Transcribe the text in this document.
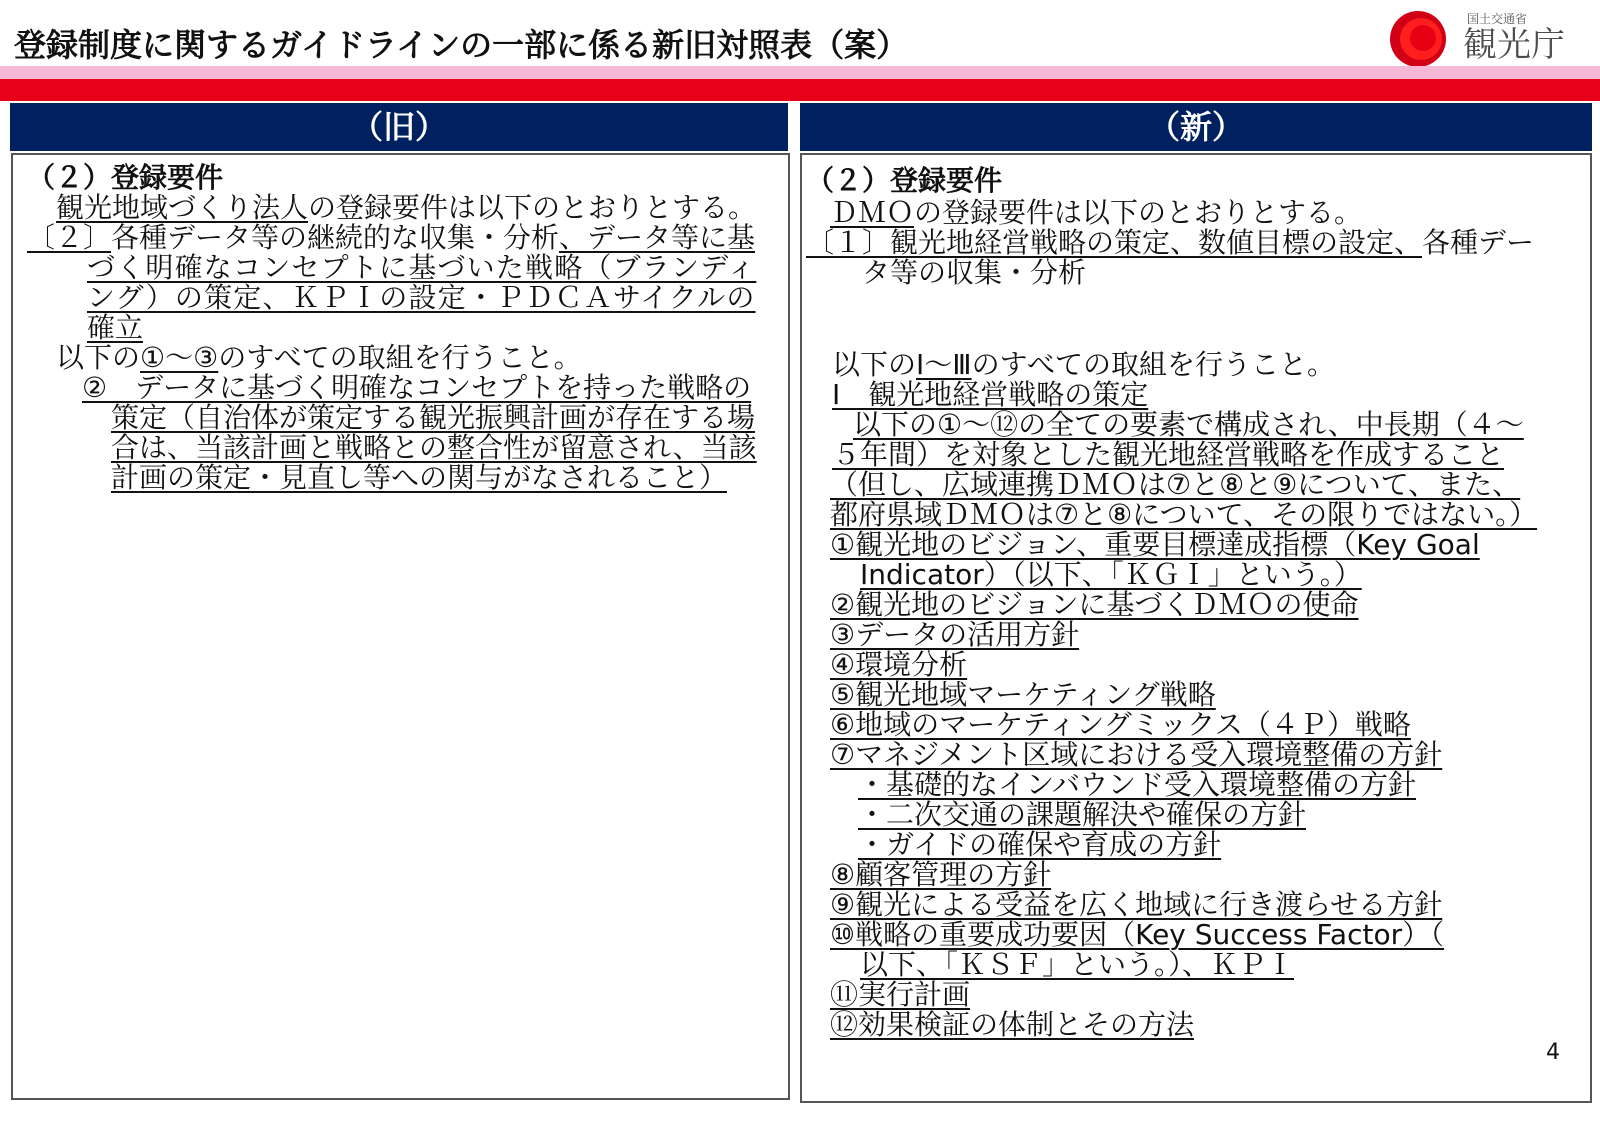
登録制度に関するガイドラインの一部に係る新旧対照表（案）
国土交通省
観光庁
（旧）	（新）
（２）登録要件
観光地域づくり法人の登録要件は以下のとおりとする。
〔２〕各種データ等の継続的な収集・分析、データ等に基
づく明確なコンセプトに基づいた戦略（ブランディ
ング）の策定、ＫＰＩの設定・ＰＤＣＡサイクルの
確立
以下の①～③のすべての取組を行うこと。
②　データに基づく明確なコンセプトを持った戦略の
策定（自治体が策定する観光振興計画が存在する場
合は、当該計画と戦略との整合性が留意され、当該
計画の策定・見直し等への関与がなされること）
（２）登録要件
ＤＭＯの登録要件は以下のとおりとする。
〔１〕観光地経営戦略の策定、数値目標の設定、各種デー
タ等の収集・分析
以下のⅠ～Ⅲのすべての取組を行うこと。
Ⅰ　観光地経営戦略の策定
以下の①～⑫の全ての要素で構成され、中長期（４～
５年間）を対象とした観光地経営戦略を作成すること
（但し、広域連携ＤＭＯは⑦と⑧と⑨について、また、
都府県域ＤＭＯは⑦と⑧について、その限りではない。）
①観光地のビジョン、重要目標達成指標（Key Goal
Indicator）（以下、「ＫＧＩ」という。）
②観光地のビジョンに基づくＤＭＯの使命
③データの活用方針
④環境分析
⑤観光地域マーケティング戦略
⑥地域のマーケティングミックス（４Ｐ）戦略
⑦マネジメント区域における受入環境整備の方針
・基礎的なインバウンド受入環境整備の方針
・二次交通の課題解決や確保の方針
・ガイドの確保や育成の方針
⑧顧客管理の方針
⑨観光による受益を広く地域に行き渡らせる方針
⑩戦略の重要成功要因（Key Success Factor）（
以下、「ＫＳＦ」という。）、ＫＰＩ
⑪実行計画
⑫効果検証の体制とその方法
4
